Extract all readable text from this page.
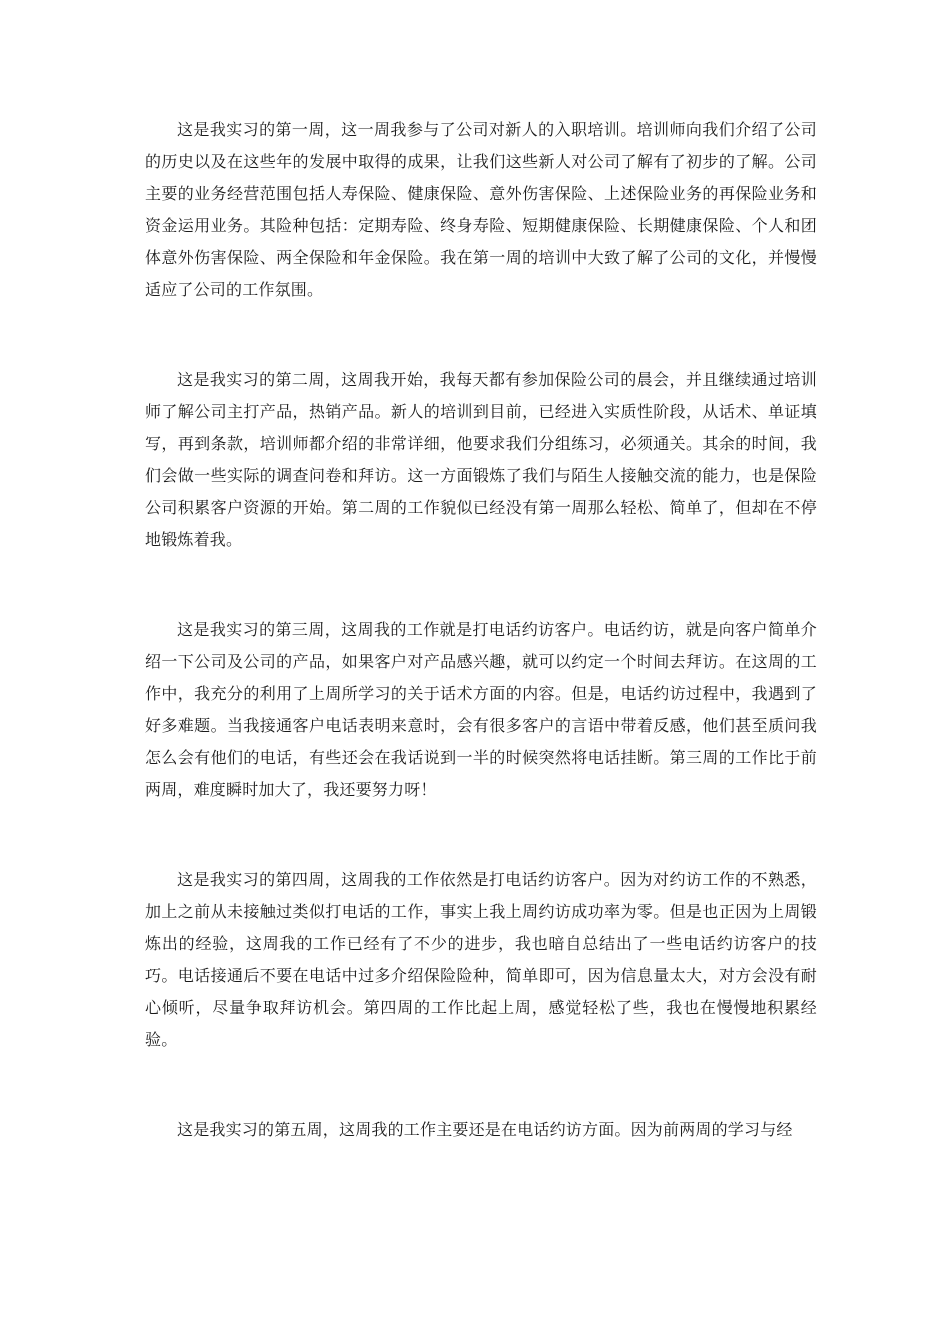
这是我实习的第一周，这一周我参与了公司对新人的入职培训。培训师向我们介绍了公司的历史以及在这些年的发展中取得的成果，让我们这些新人对公司了解有了初步的了解。公司主要的业务经营范围包括人寿保险、健康保险、意外伤害保险、上述保险业务的再保险业务和资金运用业务。其险种包括：定期寿险、终身寿险、短期健康保险、长期健康保险、个人和团体意外伤害保险、两全保险和年金保险。我在第一周的培训中大致了解了公司的文化，并慢慢适应了公司的工作氛围。

这是我实习的第二周，这周我开始，我每天都有参加保险公司的晨会，并且继续通过培训师了解公司主打产品，热销产品。新人的培训到目前，已经进入实质性阶段，从话术、单证填写，再到条款，培训师都介绍的非常详细，他要求我们分组练习，必须通关。其余的时间，我们会做一些实际的调查问卷和拜访。这一方面锻炼了我们与陌生人接触交流的能力，也是保险公司积累客户资源的开始。第二周的工作貌似已经没有第一周那么轻松、简单了，但却在不停地锻炼着我。

这是我实习的第三周，这周我的工作就是打电话约访客户。电话约访，就是向客户简单介绍一下公司及公司的产品，如果客户对产品感兴趣，就可以约定一个时间去拜访。在这周的工作中，我充分的利用了上周所学习的关于话术方面的内容。但是，电话约访过程中，我遇到了好多难题。当我接通客户电话表明来意时，会有很多客户的言语中带着反感，他们甚至质问我怎么会有他们的电话，有些还会在我话说到一半的时候突然将电话挂断。第三周的工作比于前两周，难度瞬时加大了，我还要努力呀！

这是我实习的第四周，这周我的工作依然是打电话约访客户。因为对约访工作的不熟悉，加上之前从未接触过类似打电话的工作，事实上我上周约访成功率为零。但是也正因为上周锻炼出的经验，这周我的工作已经有了不少的进步，我也暗自总结出了一些电话约访客户的技巧。电话接通后不要在电话中过多介绍保险险种，简单即可，因为信息量太大，对方会没有耐心倾听，尽量争取拜访机会。第四周的工作比起上周，感觉轻松了些，我也在慢慢地积累经验。

这是我实习的第五周，这周我的工作主要还是在电话约访方面。因为前两周的学习与经
